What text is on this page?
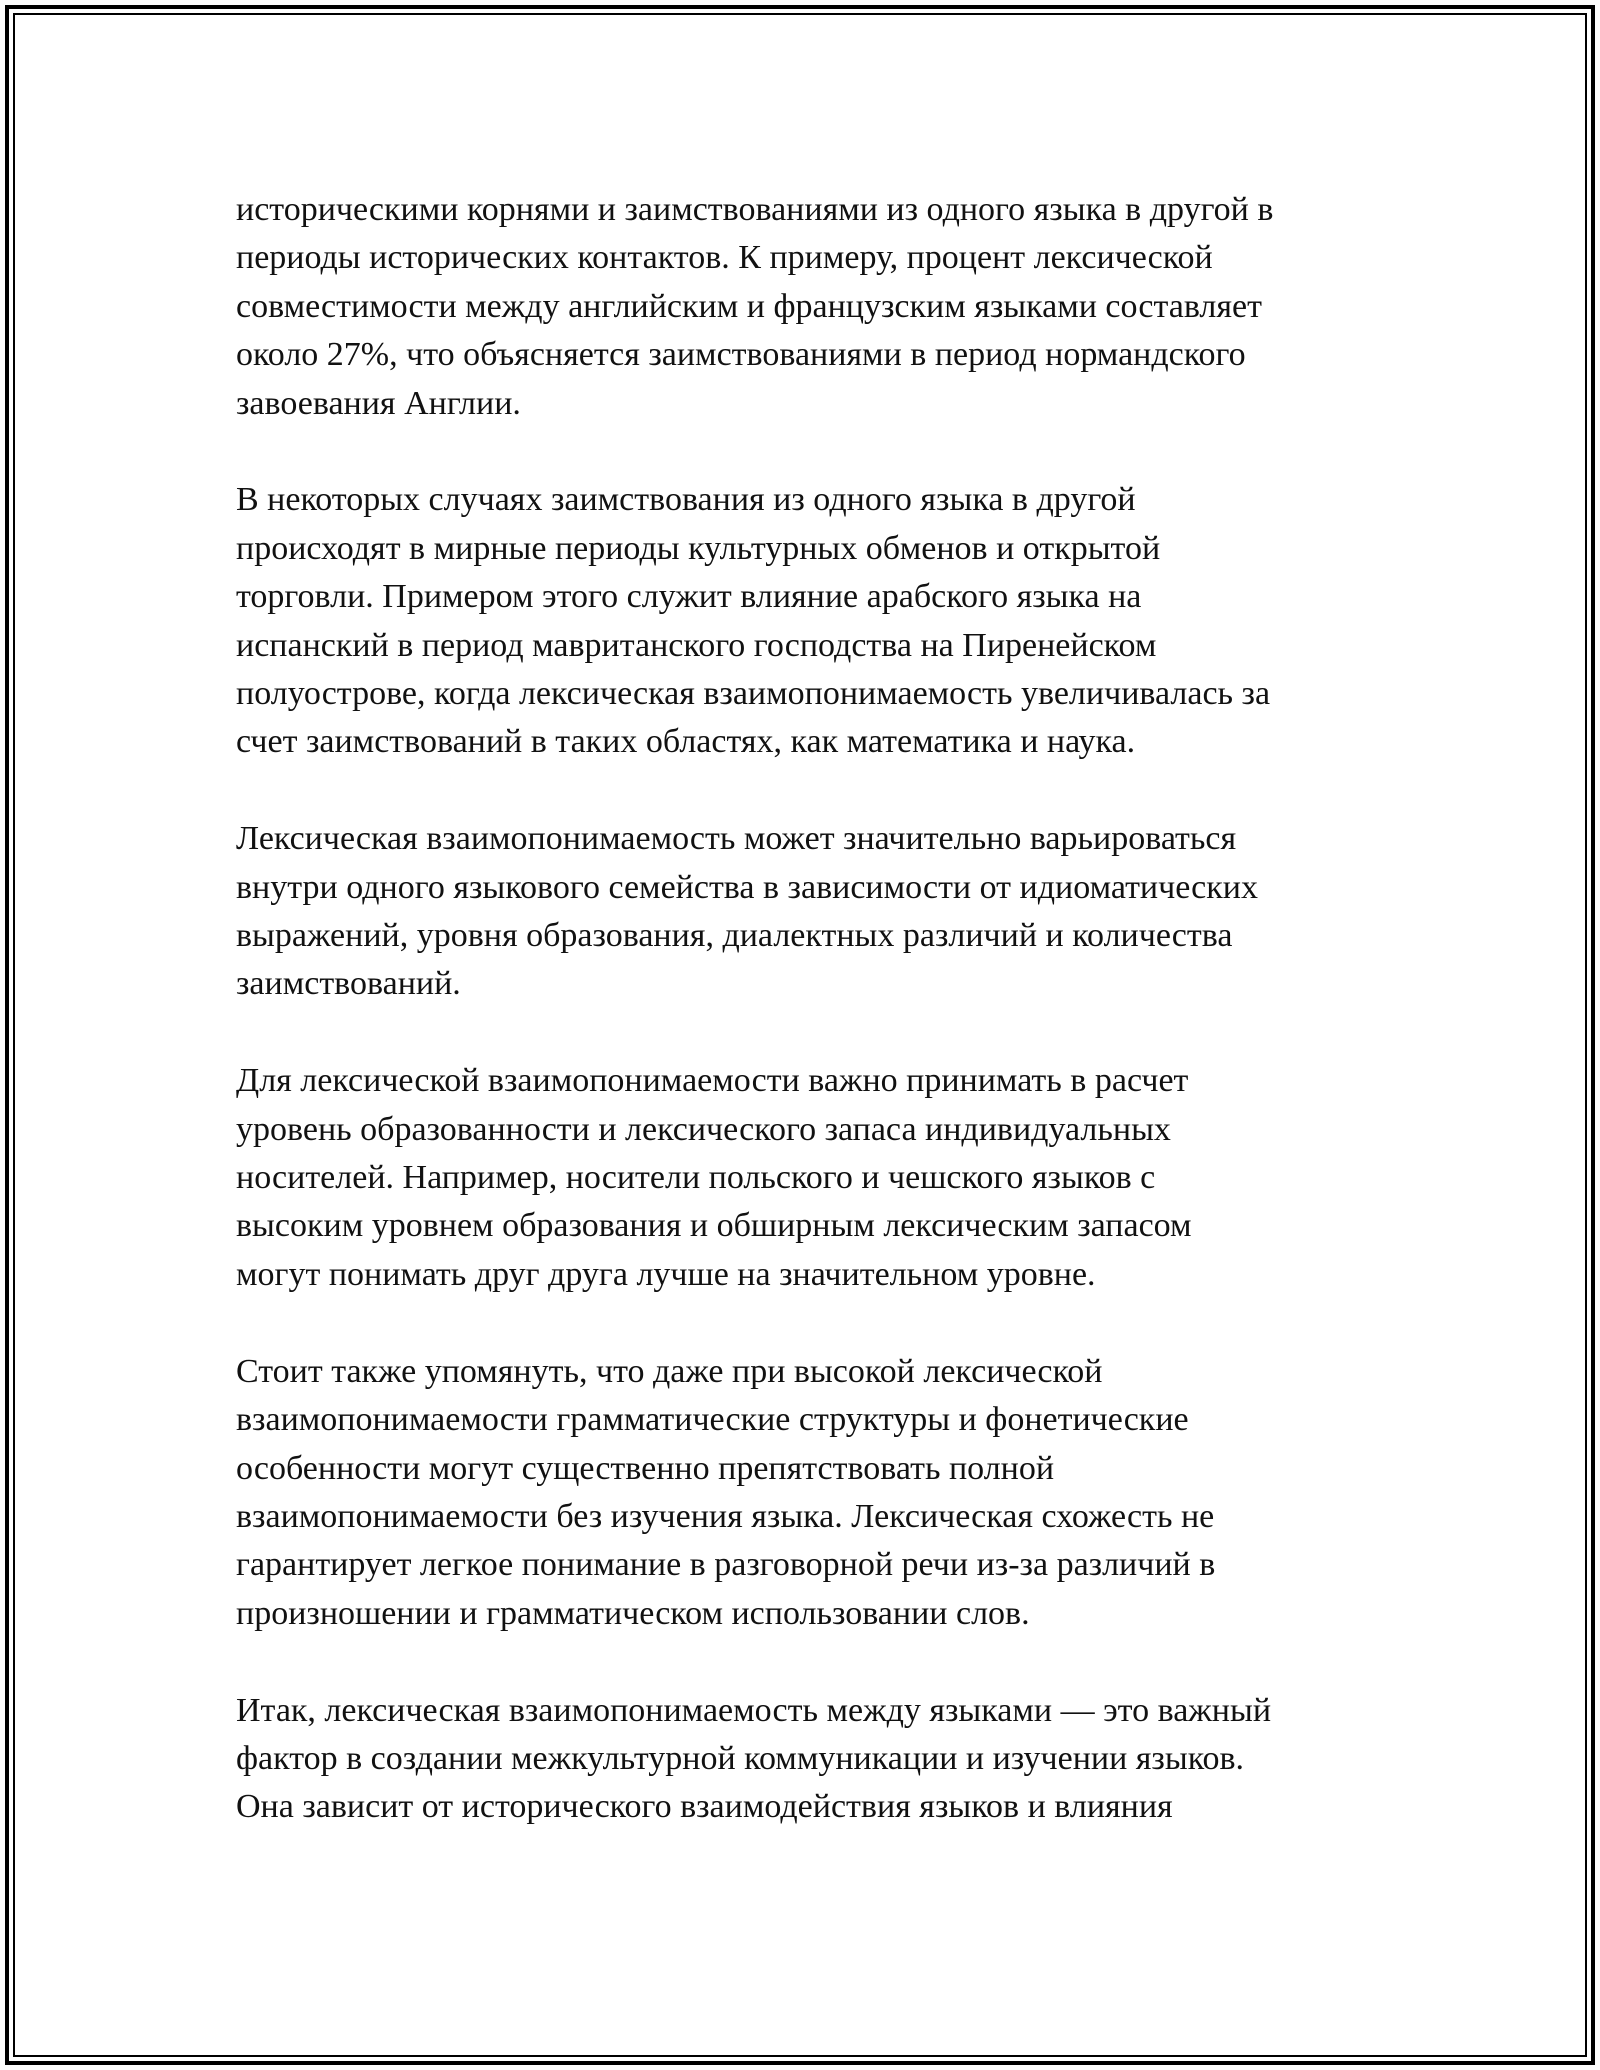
историческими корнями и заимствованиями из одного языка в другой в
периоды исторических контактов. К примеру, процент лексической
совместимости между английским и французским языками составляет
около 27%, что объясняется заимствованиями в период нормандского
завоевания Англии.

В некоторых случаях заимствования из одного языка в другой
происходят в мирные периоды культурных обменов и открытой
торговли. Примером этого служит влияние арабского языка на
испанский в период мавританского господства на Пиренейском
полуострове, когда лексическая взаимопонимаемость увеличивалась за
счет заимствований в таких областях, как математика и наука.

Лексическая взаимопонимаемость может значительно варьироваться
внутри одного языкового семейства в зависимости от идиоматических
выражений, уровня образования, диалектных различий и количества
заимствований.

Для лексической взаимопонимаемости важно принимать в расчет
уровень образованности и лексического запаса индивидуальных
носителей. Например, носители польского и чешского языков с
высоким уровнем образования и обширным лексическим запасом
могут понимать друг друга лучше на значительном уровне.

Стоит также упомянуть, что даже при высокой лексической
взаимопонимаемости грамматические структуры и фонетические
особенности могут существенно препятствовать полной
взаимопонимаемости без изучения языка. Лексическая схожесть не
гарантирует легкое понимание в разговорной речи из-за различий в
произношении и грамматическом использовании слов.

Итак, лексическая взаимопонимаемость между языками — это важный
фактор в создании межкультурной коммуникации и изучении языков.
Она зависит от исторического взаимодействия языков и влияния
